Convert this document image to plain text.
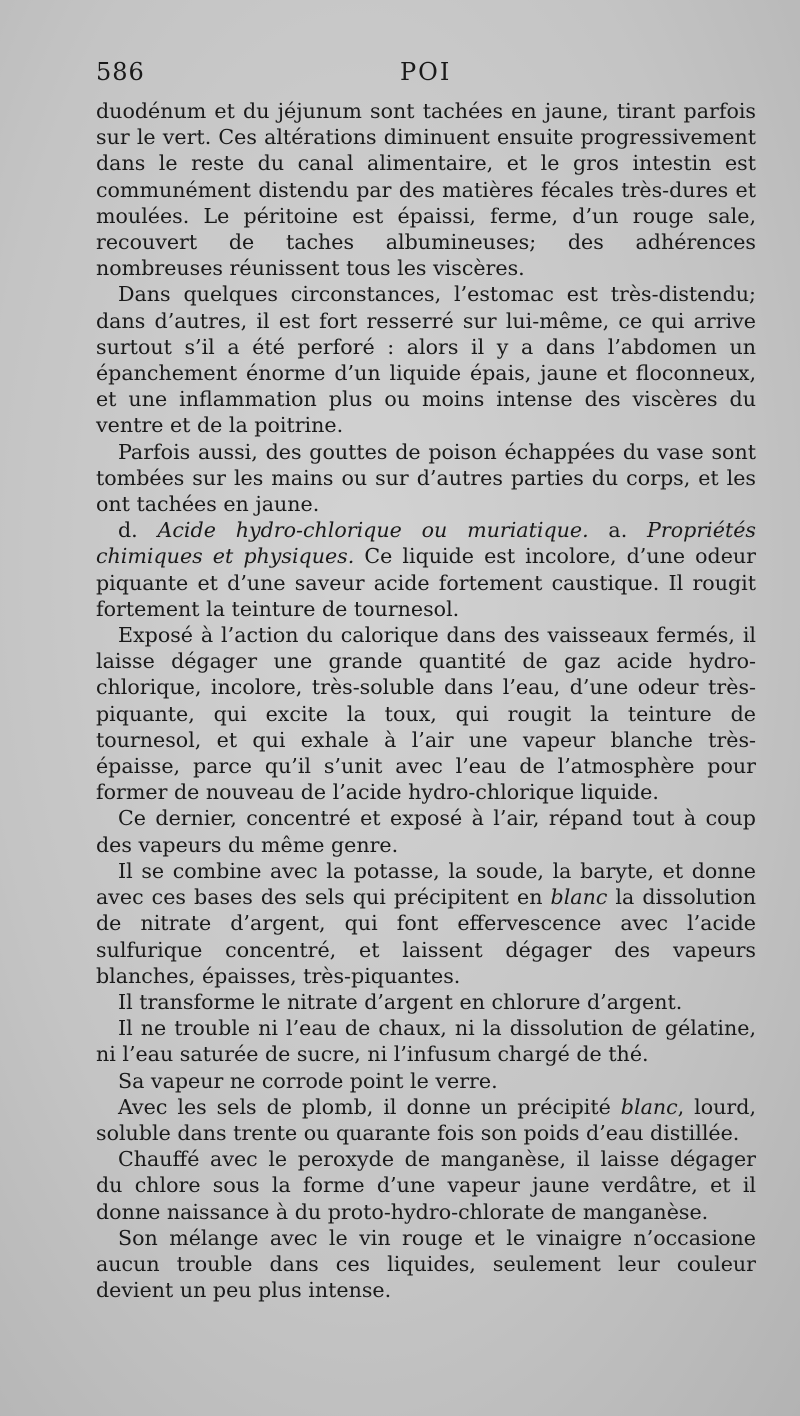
586	POI

duodénum et du jéjunum sont tachées en jaune, tirant parfois sur le vert. Ces altérations diminuent ensuite progressivement dans le reste du canal alimentaire, et le gros intestin est communément distendu par des matières fécales très-dures et moulées. Le péritoine est épaissi, ferme, d’un rouge sale, recouvert de taches albumineuses; des adhérences nombreuses réunissent tous les viscères.

Dans quelques circonstances, l’estomac est très-distendu; dans d’autres, il est fort resserré sur lui-même, ce qui arrive surtout s’il a été perforé : alors il y a dans l’abdomen un épanchement énorme d’un liquide épais, jaune et floconneux, et une inflammation plus ou moins intense des viscères du ventre et de la poitrine.

Parfois aussi, des gouttes de poison échappées du vase sont tombées sur les mains ou sur d’autres parties du corps, et les ont tachées en jaune.

d. Acide hydro-chlorique ou muriatique. a. Propriétés chimiques et physiques. Ce liquide est incolore, d’une odeur piquante et d’une saveur acide fortement caustique. Il rougit fortement la teinture de tournesol.

Exposé à l’action du calorique dans des vaisseaux fermés, il laisse dégager une grande quantité de gaz acide hydro-chlorique, incolore, très-soluble dans l’eau, d’une odeur très-piquante, qui excite la toux, qui rougit la teinture de tournesol, et qui exhale à l’air une vapeur blanche très-épaisse, parce qu’il s’unit avec l’eau de l’atmosphère pour former de nouveau de l’acide hydro-chlorique liquide.

Ce dernier, concentré et exposé à l’air, répand tout à coup des vapeurs du même genre.

Il se combine avec la potasse, la soude, la baryte, et donne avec ces bases des sels qui précipitent en blanc la dissolution de nitrate d’argent, qui font effervescence avec l’acide sulfurique concentré, et laissent dégager des vapeurs blanches, épaisses, très-piquantes.

Il transforme le nitrate d’argent en chlorure d’argent.

Il ne trouble ni l’eau de chaux, ni la dissolution de gélatine, ni l’eau saturée de sucre, ni l’infusum chargé de thé.

Sa vapeur ne corrode point le verre.

Avec les sels de plomb, il donne un précipité blanc, lourd, soluble dans trente ou quarante fois son poids d’eau distillée.

Chauffé avec le peroxyde de manganèse, il laisse dégager du chlore sous la forme d’une vapeur jaune verdâtre, et il donne naissance à du proto-hydro-chlorate de manganèse.

Son mélange avec le vin rouge et le vinaigre n’occasione aucun trouble dans ces liquides, seulement leur couleur devient un peu plus intense.
